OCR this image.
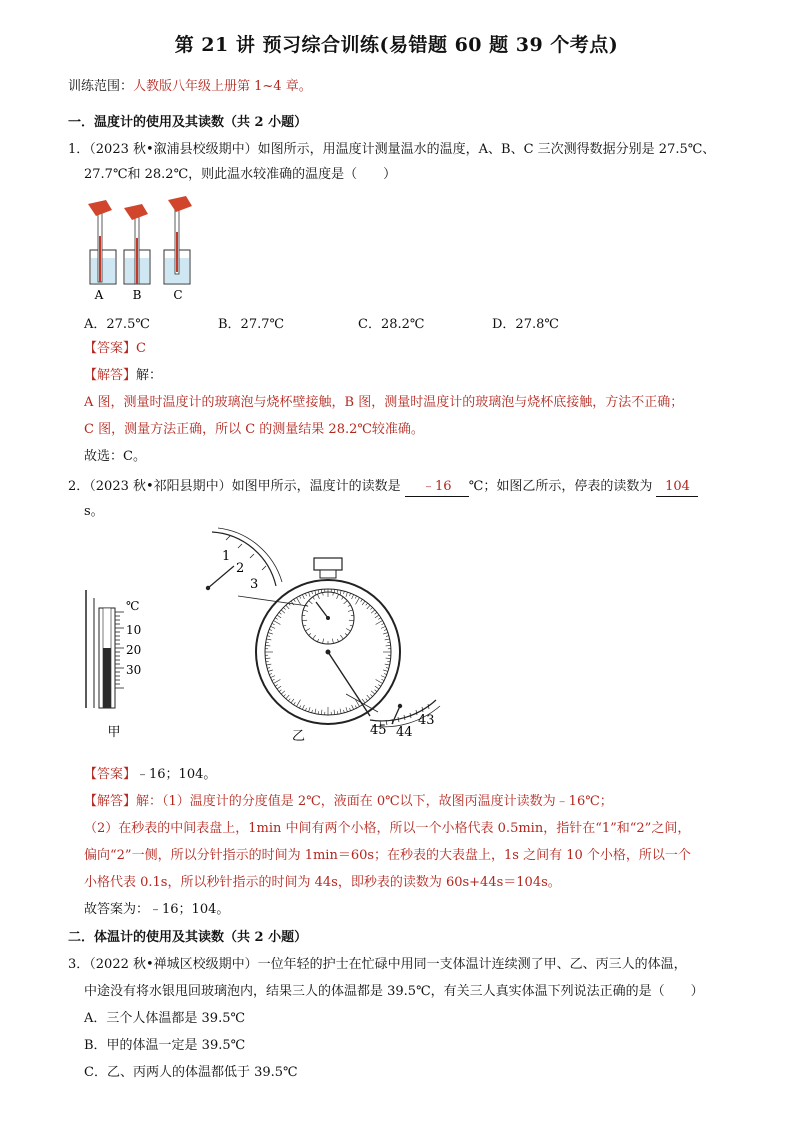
第 21 讲 预习综合训练(易错题 60 题 39 个考点)
训练范围：人教版八年级上册第 1~4 章。
一．温度计的使用及其读数（共 2 小题）
1．（2023 秋•溆浦县校级期中）如图所示，用温度计测量温水的温度，A、B、C 三次测得数据分别是 27.5℃、
27.7℃和 28.2℃，则此温水较准确的温度是（　　）
A B	C
A．27.5℃	B．27.7℃	C．28.2℃	D．27.8℃
【答案】C
【解答】解：
A 图，测量时温度计的玻璃泡与烧杯壁接触，B 图，测量时温度计的玻璃泡与烧杯底接触，方法不正确；
C 图，测量方法正确，所以 C 的测量结果 28.2℃较准确。
故选：C。
2．（2023 秋•祁阳县期中）如图甲所示，温度计的读数是 ﹣16 ℃；如图乙所示，停表的读数为 104
s。
℃
10
20
30
甲
1
2
3
43
44
45
乙
【答案】﹣16；104。
【解答】解：（1）温度计的分度值是 2℃，液面在 0℃以下，故图丙温度计读数为﹣16℃；
（2）在秒表的中间表盘上，1min 中间有两个小格，所以一个小格代表 0.5min，指针在“1”和“2”之间，
偏向“2”一侧，所以分针指示的时间为 1min＝60s；在秒表的大表盘上，1s 之间有 10 个小格，所以一个
小格代表 0.1s，所以秒针指示的时间为 44s，即秒表的读数为 60s+44s＝104s。
故答案为：﹣16；104。
二．体温计的使用及其读数（共 2 小题）
3．（2022 秋•禅城区校级期中）一位年轻的护士在忙碌中用同一支体温计连续测了甲、乙、丙三人的体温，
中途没有将水银甩回玻璃泡内，结果三人的体温都是 39.5℃，有关三人真实体温下列说法正确的是（　　）
A．三个人体温都是 39.5℃
B．甲的体温一定是 39.5℃
C．乙、丙两人的体温都低于 39.5℃
